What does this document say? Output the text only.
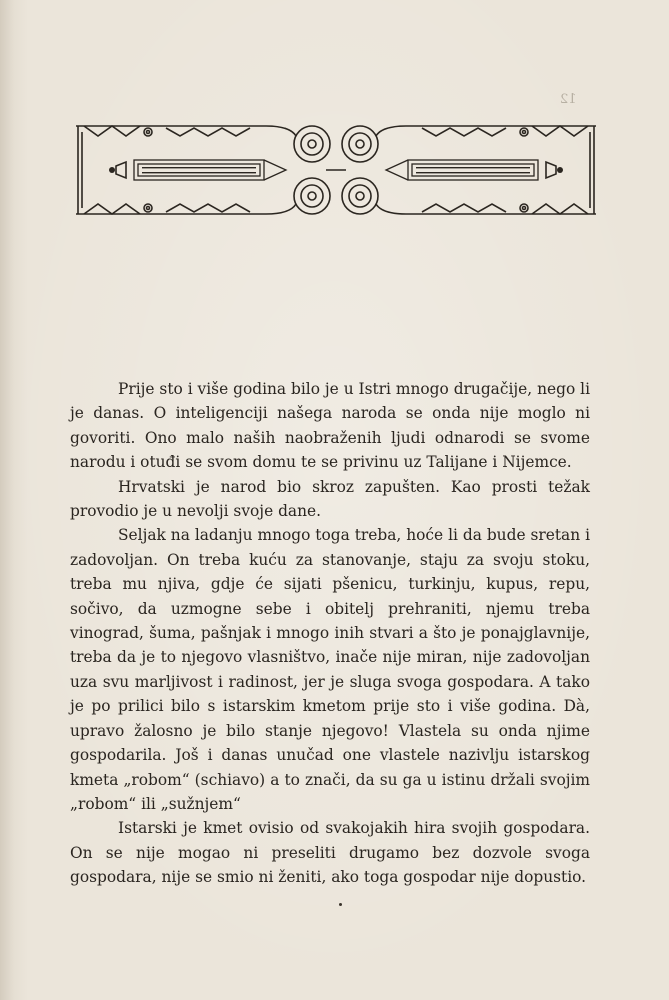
12

Prije sto i više godina bilo je u Istri mnogo drugačije, nego li je danas. O inteligenciji našega naroda se onda nije moglo ni govoriti. Ono malo naših naobraženih ljudi odnarodi se svome narodu i otuđi se svom domu te se privinu uz Talijane i Nijemce.

Hrvatski je narod bio skroz zapušten. Kao prosti težak provodio je u nevolji svoje dane.

Seljak na ladanju mnogo toga treba, hoće li da bude sretan i zadovoljan. On treba kuću za stanovanje, staju za svoju stoku, treba mu njiva, gdje će sijati pšenicu, turkinju, kupus, repu, sočivo, da uzmogne sebe i obitelj prehraniti, njemu treba vinograd, šuma, pašnjak i mnogo inih stvari a što je ponajglavnije, treba da je to njegovo vlasništvo, inače nije miran, nije zadovoljan uza svu marljivost i radinost, jer je sluga svoga gospodara. A tako je po prilici bilo s istarskim kmetom prije sto i više godina. Dà, upravo žalosno je bilo stanje njegovo! Vlastela su onda njime gospodarila. Još i danas unučad one vlastele nazivlju istarskog kmeta „robom“ (schiavo) a to znači, da su ga u istinu držali svojim „robom“ ili „sužnjem“

Istarski je kmet ovisio od svakojakih hira svojih gospodara. On se nije mogao ni preseliti drugamo bez dozvole svoga gospodara, nije se smio ni ženiti, ako toga gospodar nije dopustio.
